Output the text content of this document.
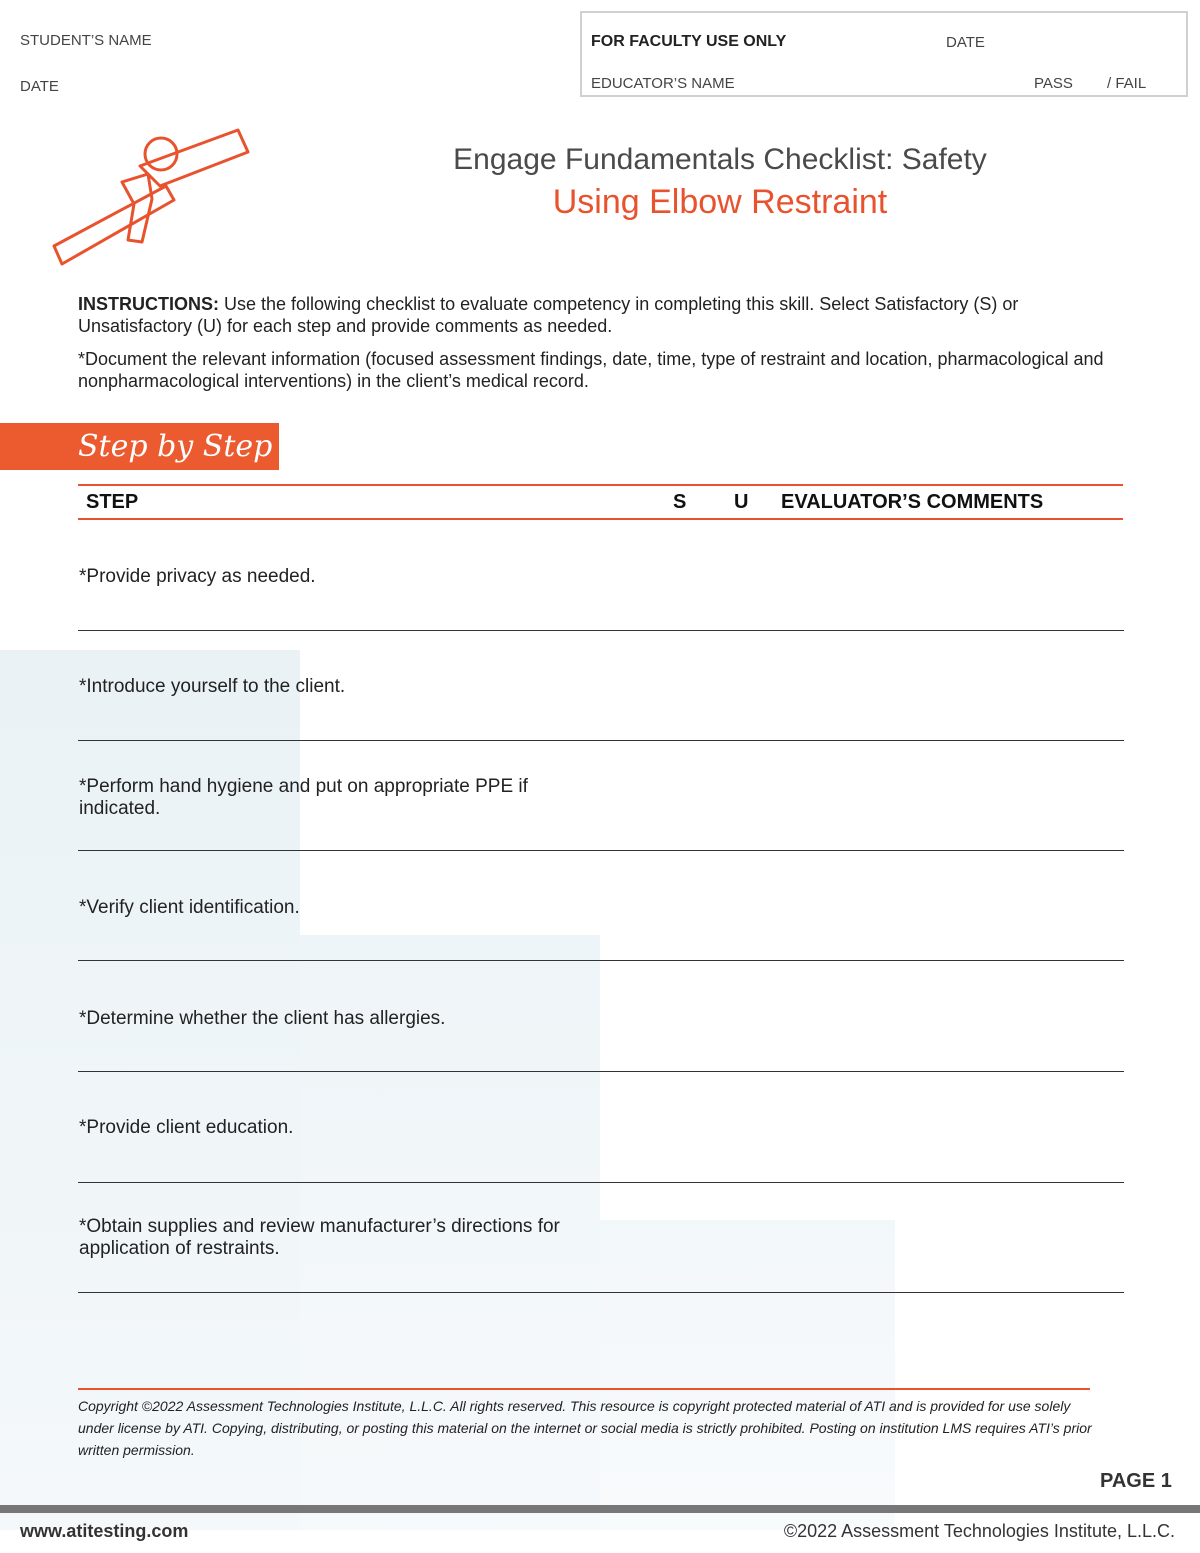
STUDENT’S NAME
DATE
FOR FACULTY USE ONLY	DATE
EDUCATOR’S NAME	PASS / FAIL
Engage Fundamentals Checklist: Safety
Using Elbow Restraint
INSTRUCTIONS: Use the following checklist to evaluate competency in completing this skill. Select Satisfactory (S) or Unsatisfactory (U) for each step and provide comments as needed.
*Document the relevant information (focused assessment findings, date, time, type of restraint and location, pharmacological and nonpharmacological interventions) in the client’s medical record.
Step by Step
STEP	S U EVALUATOR’S COMMENTS
*Provide privacy as needed.
*Introduce yourself to the client.
*Perform hand hygiene and put on appropriate PPE if indicated.
*Verify client identification.
*Determine whether the client has allergies.
*Provide client education.
*Obtain supplies and review manufacturer’s directions for application of restraints.
Copyright ©2022 Assessment Technologies Institute, L.L.C. All rights reserved. This resource is copyright protected material of ATI and is provided for use solely under license by ATI. Copying, distributing, or posting this material on the internet or social media is strictly prohibited. Posting on institution LMS requires ATI’s prior written permission.
PAGE 1
www.atitesting.com	©2022 Assessment Technologies Institute, L.L.C.
